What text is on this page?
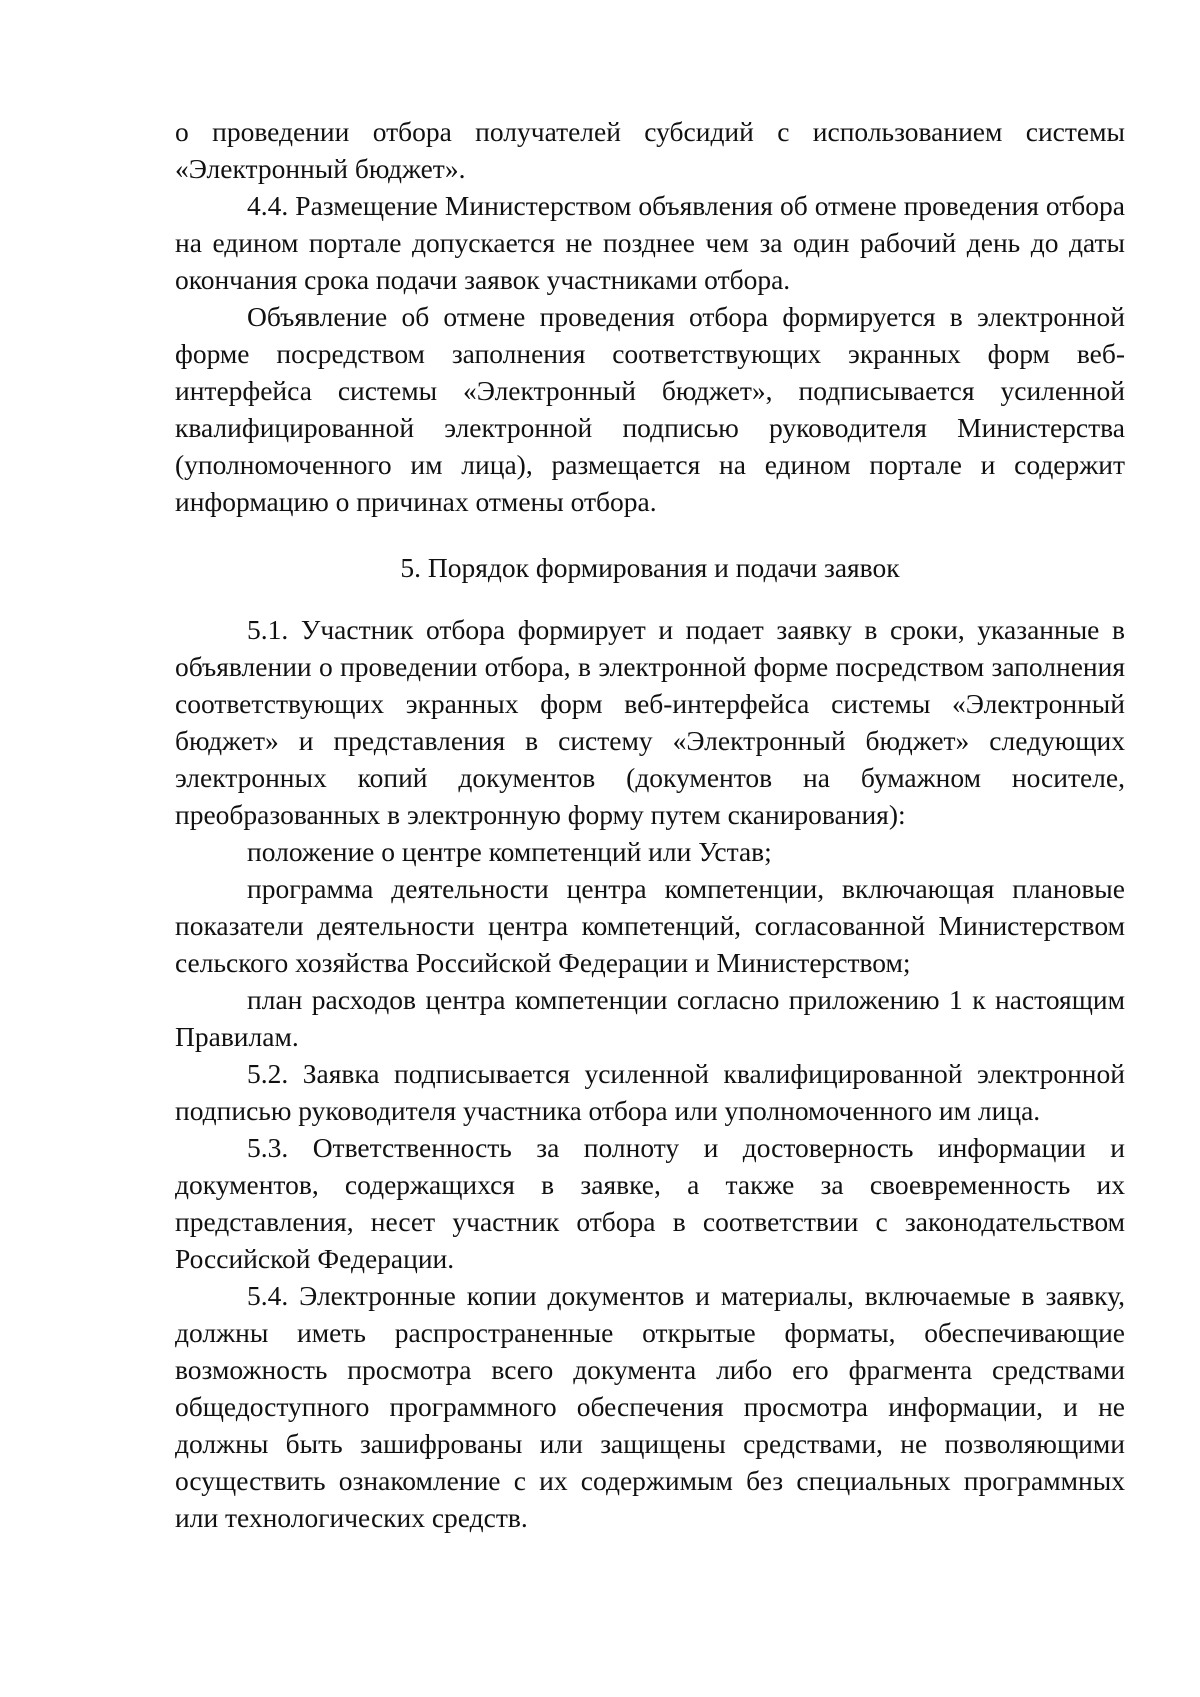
о проведении отбора получателей субсидий с использованием системы «Электронный бюджет».

4.4. Размещение Министерством объявления об отмене проведения отбора на едином портале допускается не позднее чем за один рабочий день до даты окончания срока подачи заявок участниками отбора.

Объявление об отмене проведения отбора формируется в электронной форме посредством заполнения соответствующих экранных форм веб-интерфейса системы «Электронный бюджет», подписывается усиленной квалифицированной электронной подписью руководителя Министерства (уполномоченного им лица), размещается на едином портале и содержит информацию о причинах отмены отбора.

5. Порядок формирования и подачи заявок

5.1. Участник отбора формирует и подает заявку в сроки, указанные в объявлении о проведении отбора, в электронной форме посредством заполнения соответствующих экранных форм веб-интерфейса системы «Электронный бюджет» и представления в систему «Электронный бюджет» следующих электронных копий документов (документов на бумажном носителе, преобразованных в электронную форму путем сканирования):

положение о центре компетенций или Устав;

программа деятельности центра компетенции, включающая плановые показатели деятельности центра компетенций, согласованной Министерством сельского хозяйства Российской Федерации и Министерством;

план расходов центра компетенции согласно приложению 1 к настоящим Правилам.

5.2. Заявка подписывается усиленной квалифицированной электронной подписью руководителя участника отбора или уполномоченного им лица.

5.3. Ответственность за полноту и достоверность информации и документов, содержащихся в заявке, а также за своевременность их представления, несет участник отбора в соответствии с законодательством Российской Федерации.

5.4. Электронные копии документов и материалы, включаемые в заявку, должны иметь распространенные открытые форматы, обеспечивающие возможность просмотра всего документа либо его фрагмента средствами общедоступного программного обеспечения просмотра информации, и не должны быть зашифрованы или защищены средствами, не позволяющими осуществить ознакомление с их содержимым без специальных программных или технологических средств.
